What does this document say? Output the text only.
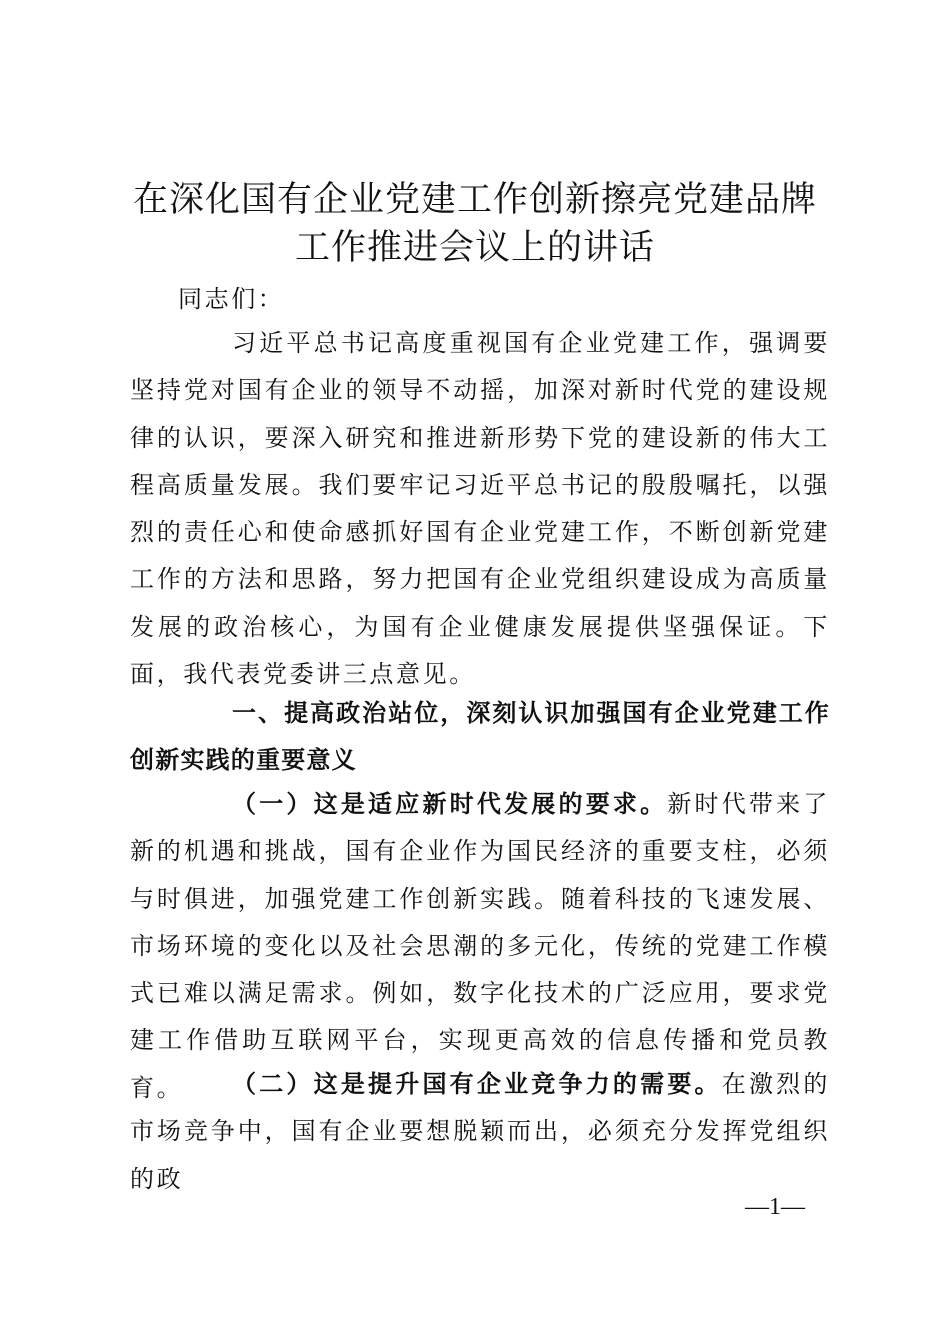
在深化国有企业党建工作创新擦亮党建品牌工作推进会议上的讲话

同志们：

习近平总书记高度重视国有企业党建工作，强调要坚持党对国有企业的领导不动摇，加深对新时代党的建设规律的认识，要深入研究和推进新形势下党的建设新的伟大工程高质量发展。我们要牢记习近平总书记的殷殷嘱托，以强烈的责任心和使命感抓好国有企业党建工作，不断创新党建工作的方法和思路，努力把国有企业党组织建设成为高质量发展的政治核心，为国有企业健康发展提供坚强保证。下面，我代表党委讲三点意见。

一、提高政治站位，深刻认识加强国有企业党建工作创新实践的重要意义

（一）这是适应新时代发展的要求。新时代带来了新的机遇和挑战，国有企业作为国民经济的重要支柱，必须与时俱进，加强党建工作创新实践。随着科技的飞速发展、市场环境的变化以及社会思潮的多元化，传统的党建工作模式已难以满足需求。例如，数字化技术的广泛应用，要求党建工作借助互联网平台，实现更高效的信息传播和党员教育。	（二）这是提升国有企业竞争力的需要。在激烈的市场竞争中，国有企业要想脱颖而出，必须充分发挥党组织的政

—1—
